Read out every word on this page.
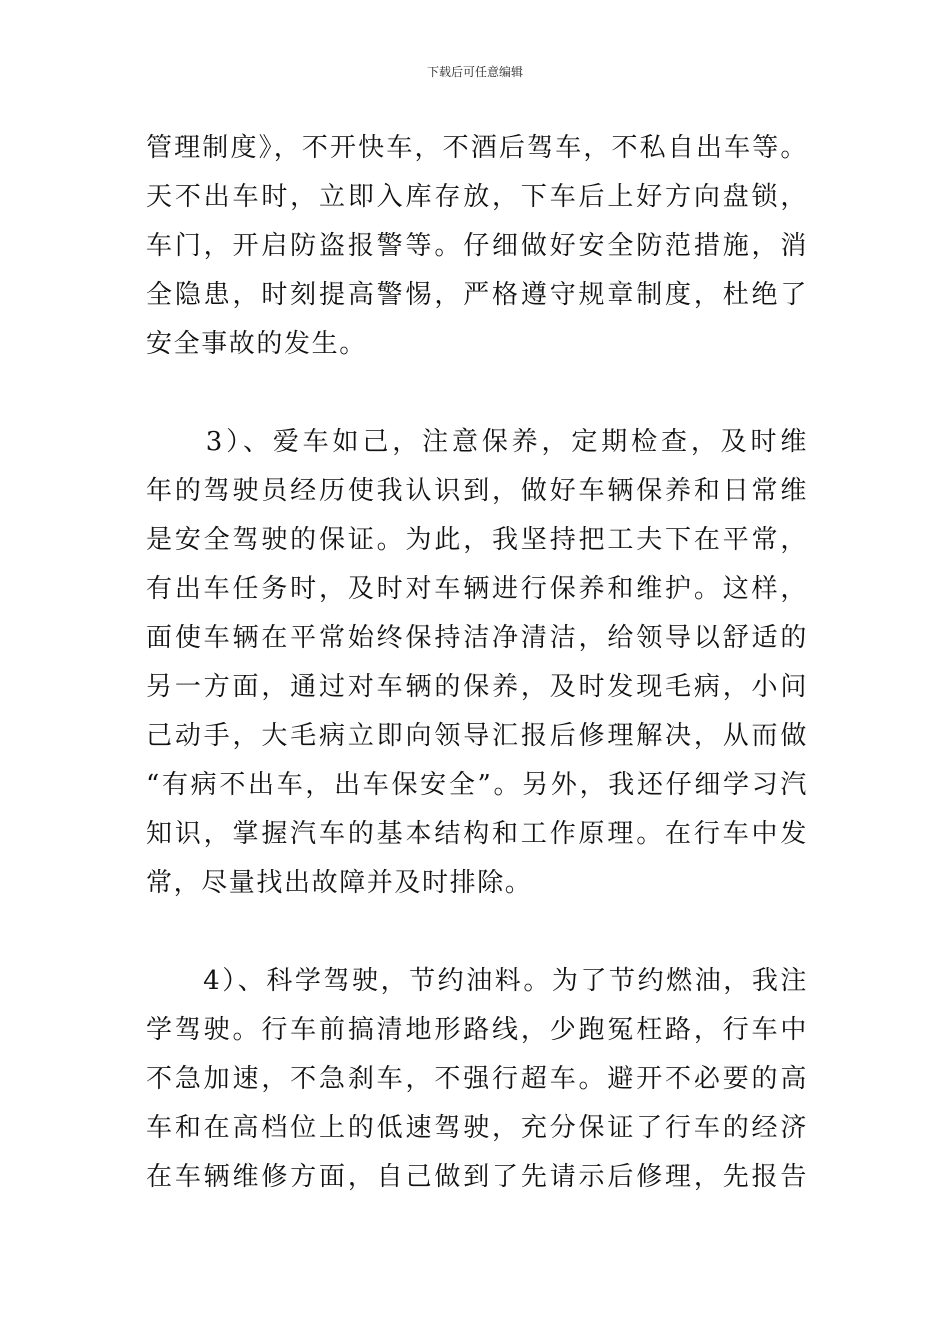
下载后可任意编辑
管理制度》，不开快车，不酒后驾车，不私自出车等。
天不出车时，立即入库存放，下车后上好方向盘锁，
车门，开启防盗报警等。仔细做好安全防范措施，消
全隐患，时刻提高警惕，严格遵守规章制度，杜绝了
安全事故的发生。
　　3）、爱车如己，注意保养，定期检查，及时维
年的驾驶员经历使我认识到，做好车辆保养和日常维
是安全驾驶的保证。为此，我坚持把工夫下在平常，
有出车任务时，及时对车辆进行保养和维护。这样，
面使车辆在平常始终保持洁净清洁，给领导以舒适的
另一方面，通过对车辆的保养，及时发现毛病，小问
己动手，大毛病立即向领导汇报后修理解决，从而做
“有病不出车，出车保安全”。另外，我还仔细学习汽
知识，掌握汽车的基本结构和工作原理。在行车中发
常，尽量找出故障并及时排除。
　　4）、科学驾驶，节约油料。为了节约燃油，我注
学驾驶。行车前搞清地形路线，少跑冤枉路，行车中
不急加速，不急刹车，不强行超车。避开不必要的高
车和在高档位上的低速驾驶，充分保证了行车的经济
在车辆维修方面，自己做到了先请示后修理，先报告
